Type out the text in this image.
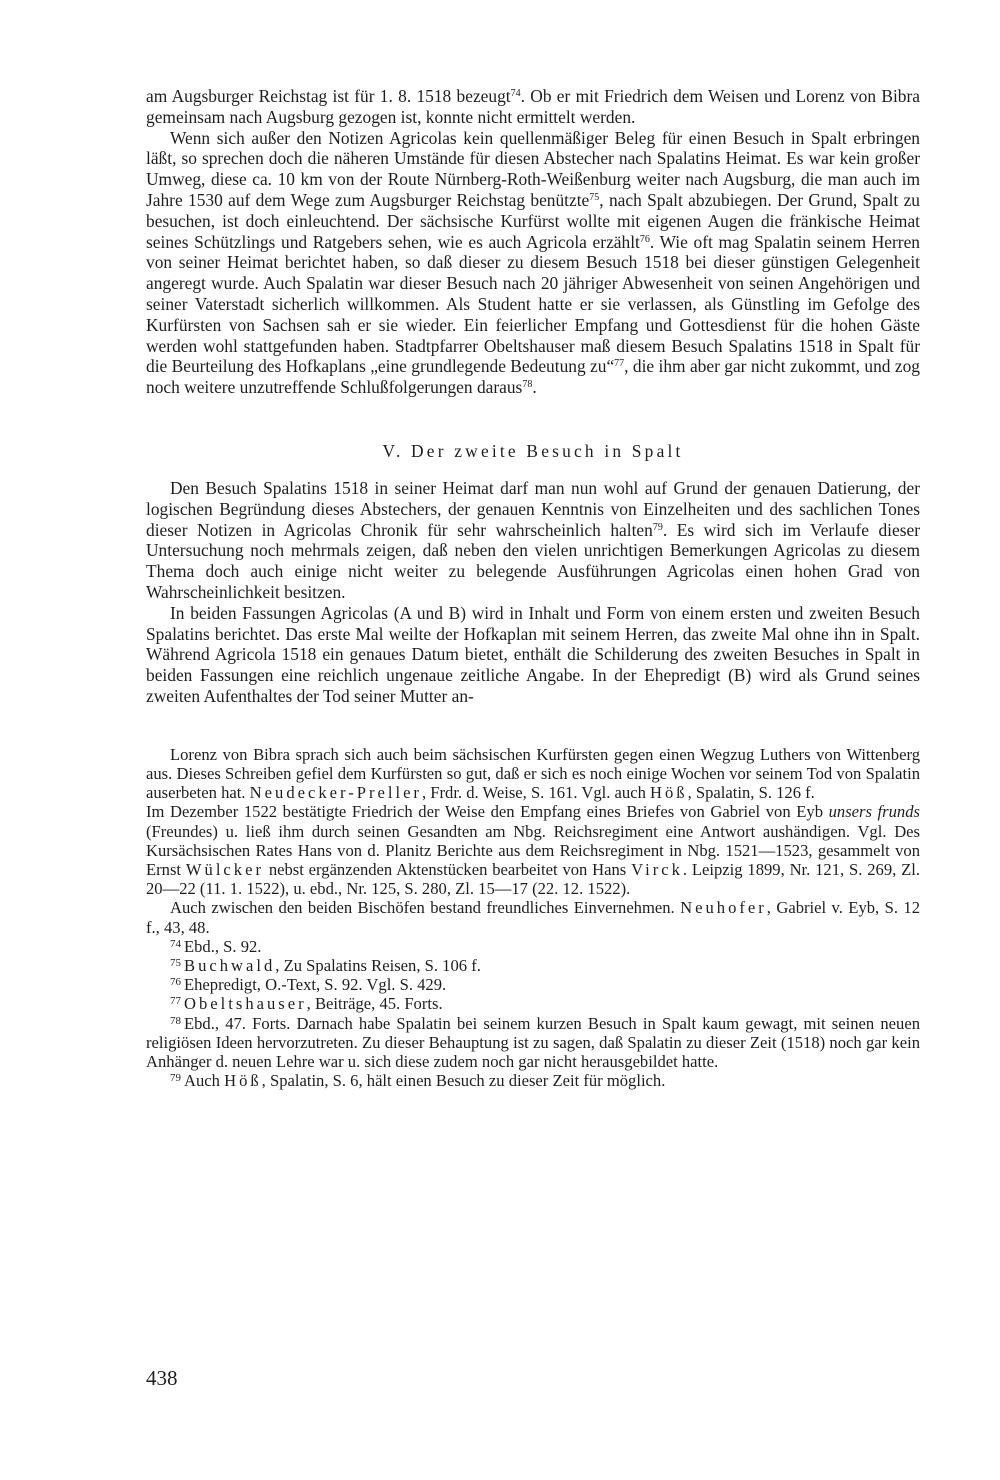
am Augsburger Reichstag ist für 1. 8. 1518 bezeugt$^{74}$. Ob er mit Friedrich dem Weisen und Lorenz von Bibra gemeinsam nach Augsburg gezogen ist, konnte nicht ermittelt werden.

Wenn sich außer den Notizen Agricolas kein quellenmäßiger Beleg für einen Besuch in Spalt erbringen läßt, so sprechen doch die näheren Umstände für diesen Abstecher nach Spalatins Heimat. Es war kein großer Umweg, diese ca. 10 km von der Route Nürnberg-Roth-Weißenburg weiter nach Augsburg, die man auch im Jahre 1530 auf dem Wege zum Augsburger Reichstag benützte$^{75}$, nach Spalt abzubiegen. Der Grund, Spalt zu besuchen, ist doch einleuchtend. Der sächsische Kurfürst wollte mit eigenen Augen die fränkische Heimat seines Schützlings und Ratgebers sehen, wie es auch Agricola erzählt$^{76}$. Wie oft mag Spalatin seinem Herren von seiner Heimat berichtet haben, so daß dieser zu diesem Besuch 1518 bei dieser günstigen Gelegenheit angeregt wurde. Auch Spalatin war dieser Besuch nach 20 jähriger Abwesenheit von seinen Angehörigen und seiner Vaterstadt sicherlich willkommen. Als Student hatte er sie verlassen, als Günstling im Gefolge des Kurfürsten von Sachsen sah er sie wieder. Ein feierlicher Empfang und Gottesdienst für die hohen Gäste werden wohl stattgefunden haben. Stadtpfarrer Obeltshauser maß diesem Besuch Spalatins 1518 in Spalt für die Beurteilung des Hofkaplans „eine grundlegende Bedeutung zu“$^{77}$, die ihm aber gar nicht zukommt, und zog noch weitere unzutreffende Schlußfolgerungen daraus$^{78}$.

V. Der zweite Besuch in Spalt

Den Besuch Spalatins 1518 in seiner Heimat darf man nun wohl auf Grund der genauen Datierung, der logischen Begründung dieses Abstechers, der genauen Kenntnis von Einzelheiten und des sachlichen Tones dieser Notizen in Agricolas Chronik für sehr wahrscheinlich halten$^{79}$. Es wird sich im Verlaufe dieser Untersuchung noch mehrmals zeigen, daß neben den vielen unrichtigen Bemerkungen Agricolas zu diesem Thema doch auch einige nicht weiter zu belegende Ausführungen Agricolas einen hohen Grad von Wahrscheinlichkeit besitzen.

In beiden Fassungen Agricolas (A und B) wird in Inhalt und Form von einem ersten und zweiten Besuch Spalatins berichtet. Das erste Mal weilte der Hofkaplan mit seinem Herren, das zweite Mal ohne ihn in Spalt. Während Agricola 1518 ein genaues Datum bietet, enthält die Schilderung des zweiten Besuches in Spalt in beiden Fassungen eine reichlich ungenaue zeitliche Angabe. In der Ehepredigt (B) wird als Grund seines zweiten Aufenthaltes der Tod seiner Mutter an-

Lorenz von Bibra sprach sich auch beim sächsischen Kurfürsten gegen einen Wegzug Luthers von Wittenberg aus. Dieses Schreiben gefiel dem Kurfürsten so gut, daß er sich es noch einige Wochen vor seinem Tod von Spalatin auserbeten hat. Neudecker-Preller, Frdr. d. Weise, S. 161. Vgl. auch Höß, Spalatin, S. 126 f.

Im Dezember 1522 bestätigte Friedrich der Weise den Empfang eines Briefes von Gabriel von Eyb unsers frunds (Freundes) u. ließ ihm durch seinen Gesandten am Nbg. Reichsregiment eine Antwort aushändigen. Vgl. Des Kursächsischen Rates Hans von d. Planitz Berichte aus dem Reichsregiment in Nbg. 1521—1523, gesammelt von Ernst Wülcker nebst ergänzenden Aktenstücken bearbeitet von Hans Virck. Leipzig 1899, Nr. 121, S. 269, Zl. 20—22 (11. 1. 1522), u. ebd., Nr. 125, S. 280, Zl. 15—17 (22. 12. 1522).

Auch zwischen den beiden Bischöfen bestand freundliches Einvernehmen. Neuhofer, Gabriel v. Eyb, S. 12 f., 43, 48.

$^{74}$ Ebd., S. 92.

$^{75}$ Buchwald, Zu Spalatins Reisen, S. 106 f.

$^{76}$ Ehepredigt, O.-Text, S. 92. Vgl. S. 429.

$^{77}$ Obeltshauser, Beiträge, 45. Forts.

$^{78}$ Ebd., 47. Forts. Darnach habe Spalatin bei seinem kurzen Besuch in Spalt kaum gewagt, mit seinen neuen religiösen Ideen hervorzutreten. Zu dieser Behauptung ist zu sagen, daß Spalatin zu dieser Zeit (1518) noch gar kein Anhänger d. neuen Lehre war u. sich diese zudem noch gar nicht herausgebildet hatte.

$^{79}$ Auch Höß, Spalatin, S. 6, hält einen Besuch zu dieser Zeit für möglich.

438
